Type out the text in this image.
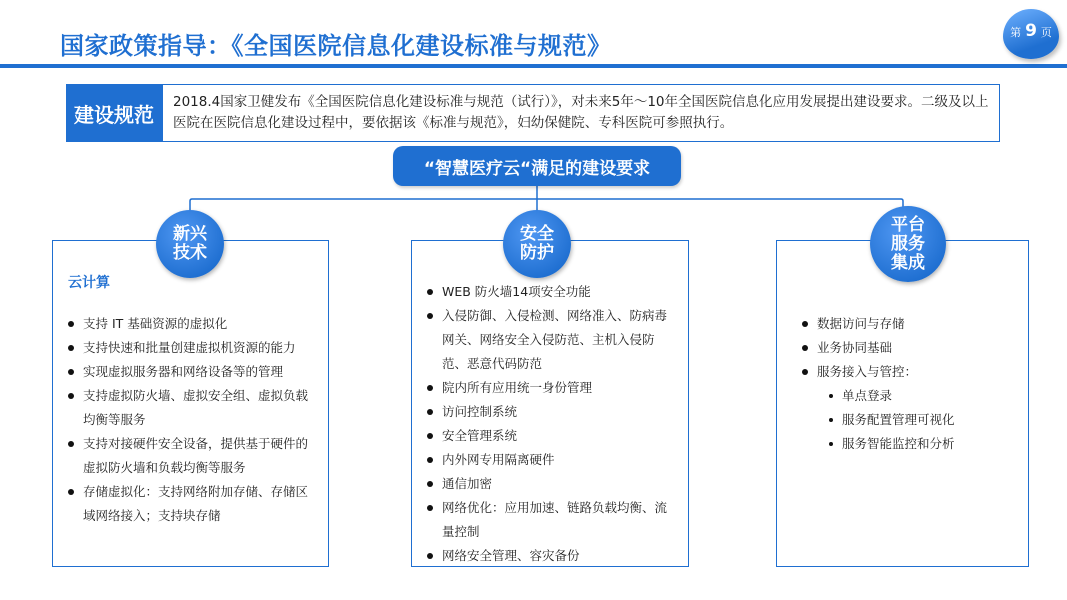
国家政策指导：《全国医院信息化建设标准与规范》	第 9 页
建设规范
2018.4国家卫健发布《全国医院信息化建设标准与规范（试行）》，对未来5年～10年全国医院信息化应用发展提出建设要求。二级及以上医院在医院信息化建设过程中，要依据该《标准与规范》，妇幼保健院、专科医院可参照执行。
“智慧医疗云“满足的建设要求
新兴
技术
云计算
支持 IT 基础资源的虚拟化
支持快速和批量创建虚拟机资源的能力
实现虚拟服务器和网络设备等的管理
支持虚拟防火墙、虚拟安全组、虚拟负载均衡等服务
支持对接硬件安全设备，提供基于硬件的虚拟防火墙和负载均衡等服务
存储虚拟化：支持网络附加存储、存储区域网络接入；支持块存储
安全
防护
WEB 防火墙14项安全功能
入侵防御、入侵检测、网络准入、防病毒网关、网络安全入侵防范、主机入侵防范、恶意代码防范
院内所有应用统一身份管理
访问控制系统
安全管理系统
内外网专用隔离硬件
通信加密
网络优化：应用加速、链路负载均衡、流量控制
网络安全管理、容灾备份
平台
服务
集成
数据访问与存储
业务协同基础
服务接入与管控：
单点登录
服务配置管理可视化
服务智能监控和分析
